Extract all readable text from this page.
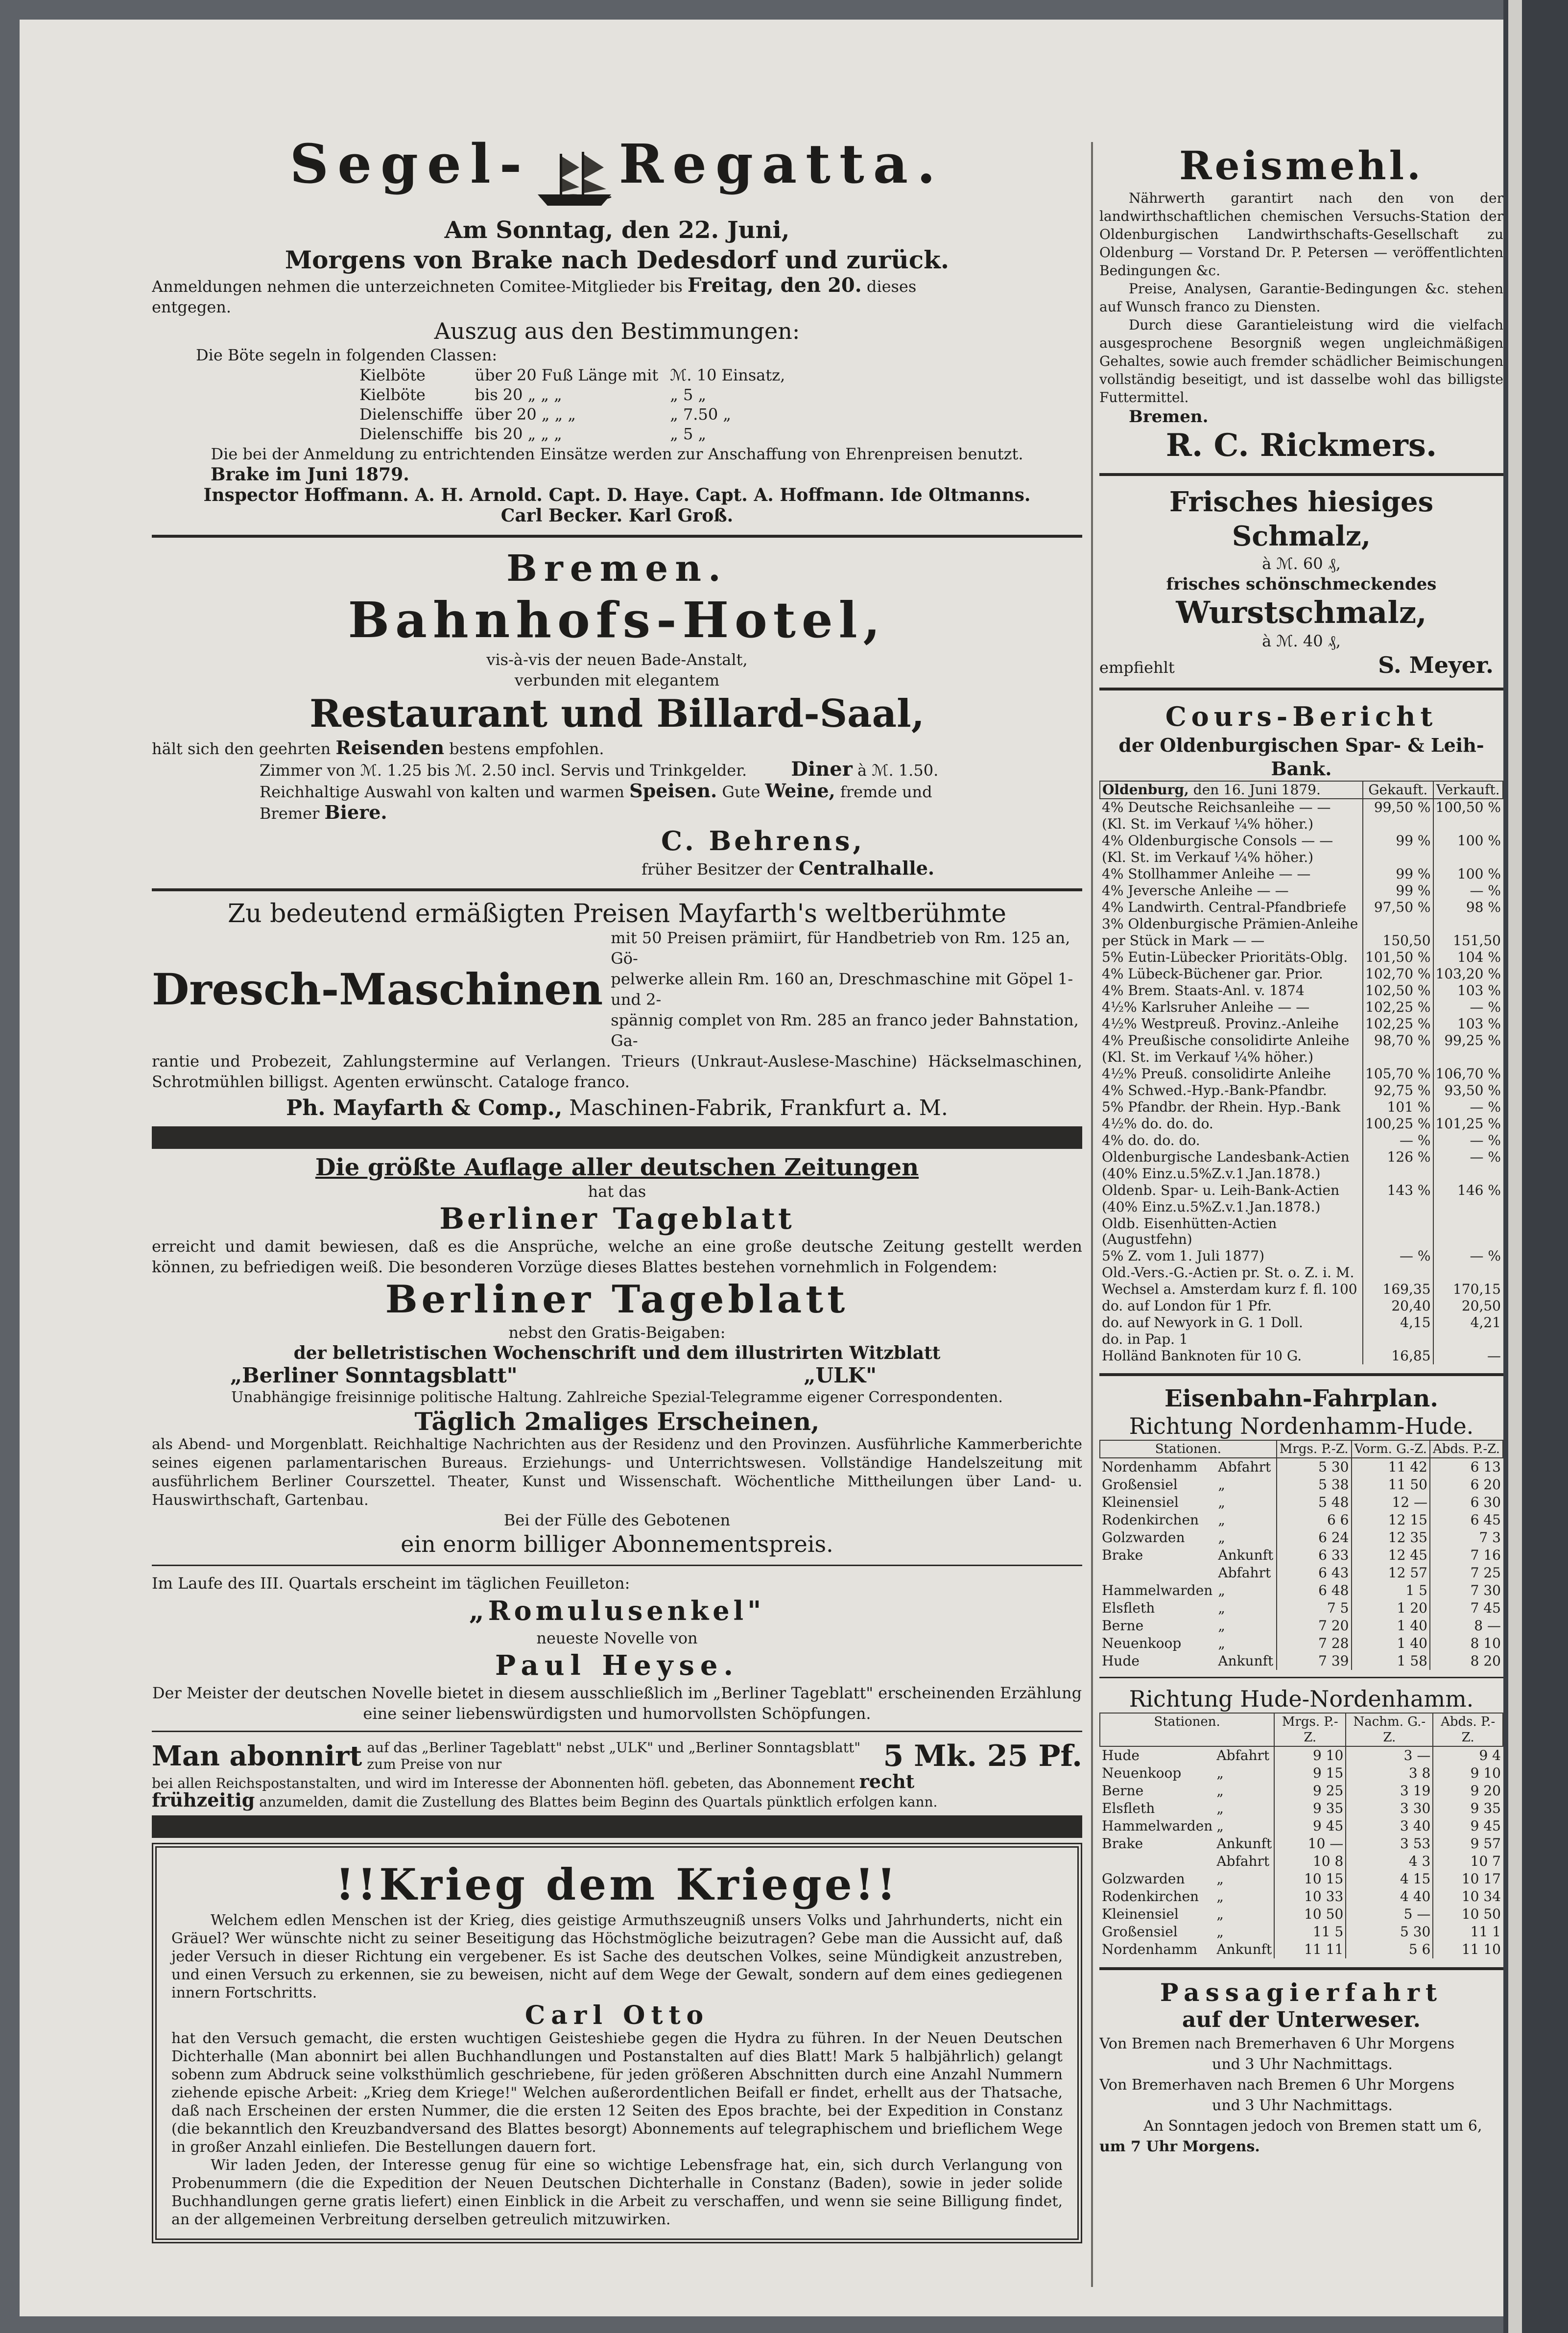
Segel- Regatta.

Am Sonntag, den 22. Juni,

Morgens von Brake nach Dedesdorf und zurück.

Anmeldungen nehmen die unterzeichneten Comitee-Mitglieder bis Freitag, den 20. dieses
entgegen.

Auszug aus den Bestimmungen:

Die Böte segeln in folgenden Classen:

Kielböte	über 20 Fuß Länge mit	ℳ. 10 Einsatz,
Kielböte	bis 20 „ „ „	„ 5 „
Dielenschiffe	über 20 „ „ „	„ 7.50 „
Dielenschiffe	bis 20 „ „ „	„ 5 „

Die bei der Anmeldung zu entrichtenden Einsätze werden zur Anschaffung von Ehrenpreisen benutzt.

Brake im Juni 1879.

Inspector Hoffmann. A. H. Arnold. Capt. D. Haye. Capt. A. Hoffmann. Ide Oltmanns.

Carl Becker. Karl Groß.

Bremen.

Bahnhofs-Hotel,

vis-à-vis der neuen Bade-Anstalt,

verbunden mit elegantem

Restaurant und Billard-Saal,

hält sich den geehrten Reisenden bestens empfohlen.

Zimmer von ℳ. 1.25 bis ℳ. 2.50 incl. Servis und Trinkgelder. Diner à ℳ. 1.50.

Reichhaltige Auswahl von kalten und warmen Speisen. Gute Weine, fremde und

Bremer Biere.

C. Behrens,

früher Besitzer der Centralhalle.

Zu bedeutend ermäßigten Preisen Mayfarth's weltberühmte

Dresch-Maschinen

mit 50 Preisen prämiirt, für Handbetrieb von Rm. 125 an, Gö-

pelwerke allein Rm. 160 an, Dreschmaschine mit Göpel 1- und 2-

spännig complet von Rm. 285 an franco jeder Bahnstation, Ga-

rantie und Probezeit, Zahlungstermine auf Verlangen. Trieurs (Unkraut-Auslese-Maschine) Häckselmaschinen, Schrotmühlen billigst. Agenten erwünscht. Cataloge franco.

Ph. Mayfarth & Comp., Maschinen-Fabrik, Frankfurt a. M.

Die größte Auflage aller deutschen Zeitungen

hat das

Berliner Tageblatt

erreicht und damit bewiesen, daß es die Ansprüche, welche an eine große deutsche Zeitung gestellt werden können, zu befriedigen weiß. Die besonderen Vorzüge dieses Blattes bestehen vornehmlich in Folgendem:

Berliner Tageblatt

nebst den Gratis-Beigaben:

der belletristischen Wochenschrift und dem illustrirten Witzblatt

„Berliner Sonntagsblatt"	„ULK"

Unabhängige freisinnige politische Haltung. Zahlreiche Spezial-Telegramme eigener Correspondenten.

Täglich 2maliges Erscheinen,

als Abend- und Morgenblatt. Reichhaltige Nachrichten aus der Residenz und den Provinzen. Ausführliche Kammerberichte seines eigenen parlamentarischen Bureaus. Erziehungs- und Unterrichtswesen. Vollständige Handelszeitung mit ausführlichem Berliner Courszettel. Theater, Kunst und Wissenschaft. Wöchentliche Mittheilungen über Land- u. Hauswirthschaft, Gartenbau.

Bei der Fülle des Gebotenen

ein enorm billiger Abonnementspreis.

Im Laufe des III. Quartals erscheint im täglichen Feuilleton:

„Romulusenkel"

neueste Novelle von

Paul Heyse.

Der Meister der deutschen Novelle bietet in diesem ausschließlich im „Berliner Tageblatt" erscheinenden Erzählung eine seiner liebenswürdigsten und humorvollsten Schöpfungen.

Man abonnirt auf das „Berliner Tageblatt" nebst „ULK" und „Berliner Sonntagsblatt" zum Preise von nur	5 Mk. 25 Pf.

bei allen Reichspostanstalten, und wird im Interesse der Abonnenten höfl. gebeten, das Abonnement recht

frühzeitig anzumelden, damit die Zustellung des Blattes beim Beginn des Quartals pünktlich erfolgen kann.

!!Krieg dem Kriege!!

Welchem edlen Menschen ist der Krieg, dies geistige Armuthszeugniß unsers Volks und Jahrhunderts, nicht ein Gräuel? Wer wünschte nicht zu seiner Beseitigung das Höchstmögliche beizutragen? Gebe man die Aussicht auf, daß jeder Versuch in dieser Richtung ein vergebener. Es ist Sache des deutschen Volkes, seine Mündigkeit anzustreben, und einen Versuch zu erkennen, sie zu beweisen, nicht auf dem Wege der Gewalt, sondern auf dem eines gediegenen innern Fortschritts.

Carl Otto

hat den Versuch gemacht, die ersten wuchtigen Geisteshiebe gegen die Hydra zu führen. In der Neuen Deutschen Dichterhalle (Man abonnirt bei allen Buchhandlungen und Postanstalten auf dies Blatt! Mark 5 halbjährlich) gelangt sobenn zum Abdruck seine volksthümlich geschriebene, für jeden größeren Abschnitten durch eine Anzahl Nummern ziehende epische Arbeit: „Krieg dem Kriege!" Welchen außerordentlichen Beifall er findet, erhellt aus der Thatsache, daß nach Erscheinen der ersten Nummer, die die ersten 12 Seiten des Epos brachte, bei der Expedition in Constanz (die bekanntlich den Kreuzbandversand des Blattes besorgt) Abonnements auf telegraphischem und brieflichem Wege in großer Anzahl einliefen. Die Bestellungen dauern fort.

Wir laden Jeden, der Interesse genug für eine so wichtige Lebensfrage hat, ein, sich durch Verlangung von Probenummern (die die Expedition der Neuen Deutschen Dichterhalle in Constanz (Baden), sowie in jeder solide Buchhandlungen gerne gratis liefert) einen Einblick in die Arbeit zu verschaffen, und wenn sie seine Billigung findet, an der allgemeinen Verbreitung derselben getreulich mitzuwirken.

Reismehl.

Nährwerth garantirt nach den von der landwirthschaftlichen chemischen Versuchs-Station der Oldenburgischen Landwirthschafts-Gesellschaft zu Oldenburg — Vorstand Dr. P. Petersen — veröffentlichten Bedingungen &c.

Preise, Analysen, Garantie-Bedingungen &c. stehen auf Wunsch franco zu Diensten.

Durch diese Garantieleistung wird die vielfach ausgesprochene Besorgniß wegen ungleichmäßigen Gehaltes, sowie auch fremder schädlicher Beimischungen vollständig beseitigt, und ist dasselbe wohl das billigste Futtermittel.

Bremen.

R. C. Rickmers.

Frisches hiesiges Schmalz,

à ℳ. 60 ₰,

frisches schönschmeckendes

Wurstschmalz,

à ℳ. 40 ₰,

empfiehlt	S. Meyer.

Cours-Bericht

der Oldenburgischen Spar- & Leih-Bank.

Oldenburg, den 16. Juni 1879.	Gekauft.	Verkauft.
4% Deutsche Reichsanleihe — —	99,50 %	100,50 %
(Kl. St. im Verkauf ¼% höher.)		
4% Oldenburgische Consols — —	99 %	100 %
(Kl. St. im Verkauf ¼% höher.)		
4% Stollhammer Anleihe — —	99 %	100 %
4% Jeversche Anleihe — —	99 %	— %
4% Landwirth. Central-Pfandbriefe	97,50 %	98 %
3% Oldenburgische Prämien-Anleihe		
per Stück in Mark — —	150,50	151,50
5% Eutin-Lübecker Prioritäts-Oblg.	101,50 %	104 %
4% Lübeck-Büchener gar. Prior.	102,70 %	103,20 %
4% Brem. Staats-Anl. v. 1874	102,50 %	103 %
4½% Karlsruher Anleihe — —	102,25 %	— %
4½% Westpreuß. Provinz.-Anleihe	102,25 %	103 %
4% Preußische consolidirte Anleihe	98,70 %	99,25 %
(Kl. St. im Verkauf ¼% höher.)		
4½% Preuß. consolidirte Anleihe	105,70 %	106,70 %
4% Schwed.-Hyp.-Bank-Pfandbr.	92,75 %	93,50 %
5% Pfandbr. der Rhein. Hyp.-Bank	101 %	— %
4½% do. do. do.	100,25 %	101,25 %
4% do. do. do.	— %	— %
Oldenburgische Landesbank-Actien	126 %	— %
(40% Einz.u.5%Z.v.1.Jan.1878.)		
Oldenb. Spar- u. Leih-Bank-Actien	143 %	146 %
(40% Einz.u.5%Z.v.1.Jan.1878.)		
Oldb. Eisenhütten-Actien (Augustfehn)		
5% Z. vom 1. Juli 1877)	— %	— %
Old.-Vers.-G.-Actien pr. St. o. Z. i. M.		
Wechsel a. Amsterdam kurz f. fl. 100	169,35	170,15
do. auf London für 1 Pfr.	20,40	20,50
do. auf Newyork in G. 1 Doll.	4,15	4,21
do. in Pap. 1		
Holländ Banknoten für 10 G.	16,85	—

Eisenbahn-Fahrplan.

Richtung Nordenhamm-Hude.

Stationen.		Mrgs. P.-Z.	Vorm. G.-Z.	Abds. P.-Z.
Nordenhamm	Abfahrt	5 30	11 42	6 13
Großensiel	„	5 38	11 50	6 20
Kleinensiel	„	5 48	12 —	6 30
Rodenkirchen	„	6 6	12 15	6 45
Golzwarden	„	6 24	12 35	7 3
Brake	Ankunft	6 33	12 45	7 16
	Abfahrt	6 43	12 57	7 25
Hammelwarden	„	6 48	1 5	7 30
Elsfleth	„	7 5	1 20	7 45
Berne	„	7 20	1 40	8 —
Neuenkoop	„	7 28	1 40	8 10
Hude	Ankunft	7 39	1 58	8 20

Richtung Hude-Nordenhamm.

Stationen.		Mrgs. P.-Z.	Nachm. G.-Z.	Abds. P.-Z.
Hude	Abfahrt	9 10	3 —	9 4
Neuenkoop	„	9 15	3 8	9 10
Berne	„	9 25	3 19	9 20
Elsfleth	„	9 35	3 30	9 35
Hammelwarden	„	9 45	3 40	9 45
Brake	Ankunft	10 —	3 53	9 57
	Abfahrt	10 8	4 3	10 7
Golzwarden	„	10 15	4 15	10 17
Rodenkirchen	„	10 33	4 40	10 34
Kleinensiel	„	10 50	5 —	10 50
Großensiel	„	11 5	5 30	11 1
Nordenhamm	Ankunft	11 11	5 6	11 10

Passagierfahrt

auf der Unterweser.

Von Bremen nach Bremerhaven 6 Uhr Morgens

und 3 Uhr Nachmittags.

Von Bremerhaven nach Bremen 6 Uhr Morgens

und 3 Uhr Nachmittags.

An Sonntagen jedoch von Bremen statt um 6,

um 7 Uhr Morgens.
